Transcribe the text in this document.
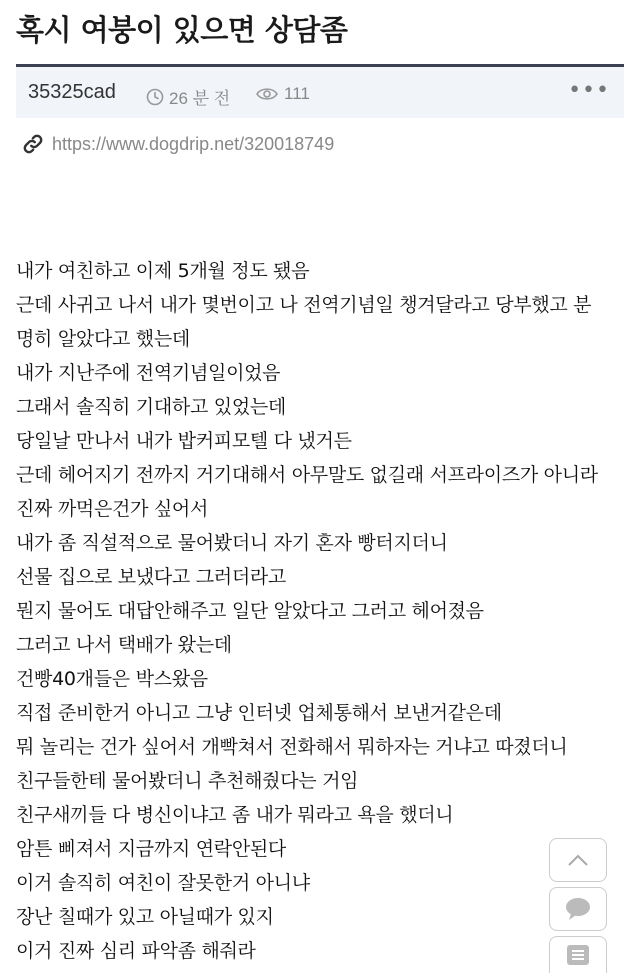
혹시 여붕이 있으면 상담좀
35325cad	26 분 전	111	•••
https://www.dogdrip.net/320018749
내가 여친하고 이제 5개월 정도 됐음
근데 사귀고 나서 내가 몇번이고 나 전역기념일 챙겨달라고 당부했고 분
명히 알았다고 했는데
내가 지난주에 전역기념일이었음
그래서 솔직히 기대하고 있었는데
당일날 만나서 내가 밥커피모텔 다 냈거든
근데 헤어지기 전까지 거기대해서 아무말도 없길래 서프라이즈가 아니라
진짜 까먹은건가 싶어서
내가 좀 직설적으로 물어봤더니 자기 혼자 빵터지더니
선물 집으로 보냈다고 그러더라고
뭔지 물어도 대답안해주고 일단 알았다고 그러고 헤어졌음
그러고 나서 택배가 왔는데
건빵40개들은 박스왔음
직접 준비한거 아니고 그냥 인터넷 업체통해서 보낸거같은데
뭐 놀리는 건가 싶어서 개빡쳐서 전화해서 뭐하자는 거냐고 따졌더니
친구들한테 물어봤더니 추천해줬다는 거임
친구새끼들 다 병신이냐고 좀 내가 뭐라고 욕을 했더니
암튼 삐져서 지금까지 연락안된다
이거 솔직히 여친이 잘못한거 아니냐
장난 칠때가 있고 아닐때가 있지
이거 진짜 심리 파악좀 해줘라
